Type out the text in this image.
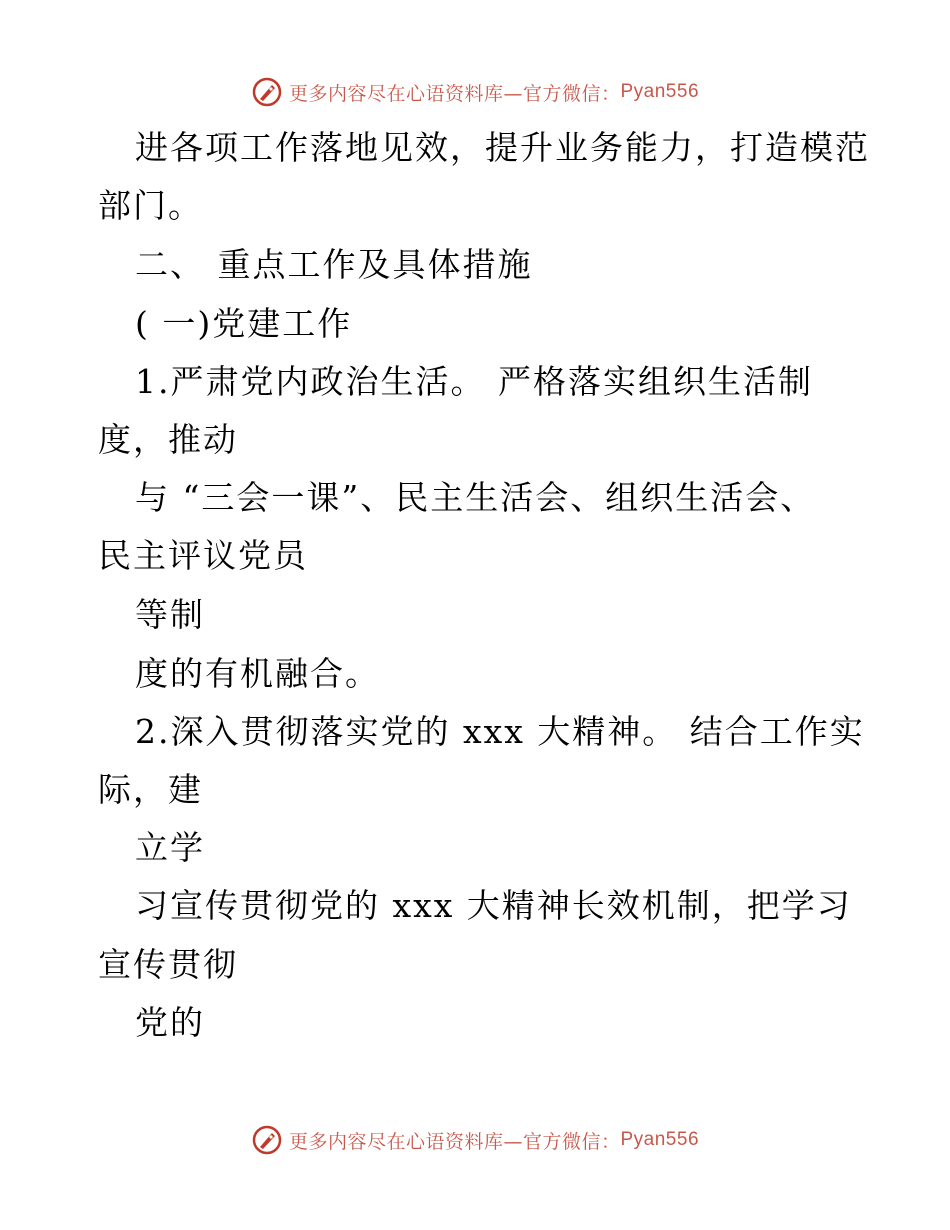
更多内容尽在心语资料库—官方微信： Pyan556
进各项工作落地见效，提升业务能力，打造模范
部门。
二、 重点工作及具体措施
( 一)党建工作
1.严肃党内政治生活。 严格落实组织生活制
度，推动
与 “三会一课”、民主生活会、组织生活会、
民主评议党员
等制
度的有机融合。
2.深入贯彻落实党的 xxx 大精神。 结合工作实
际，建
立学
习宣传贯彻党的 xxx 大精神长效机制，把学习
宣传贯彻
党的
更多内容尽在心语资料库—官方微信： Pyan556
